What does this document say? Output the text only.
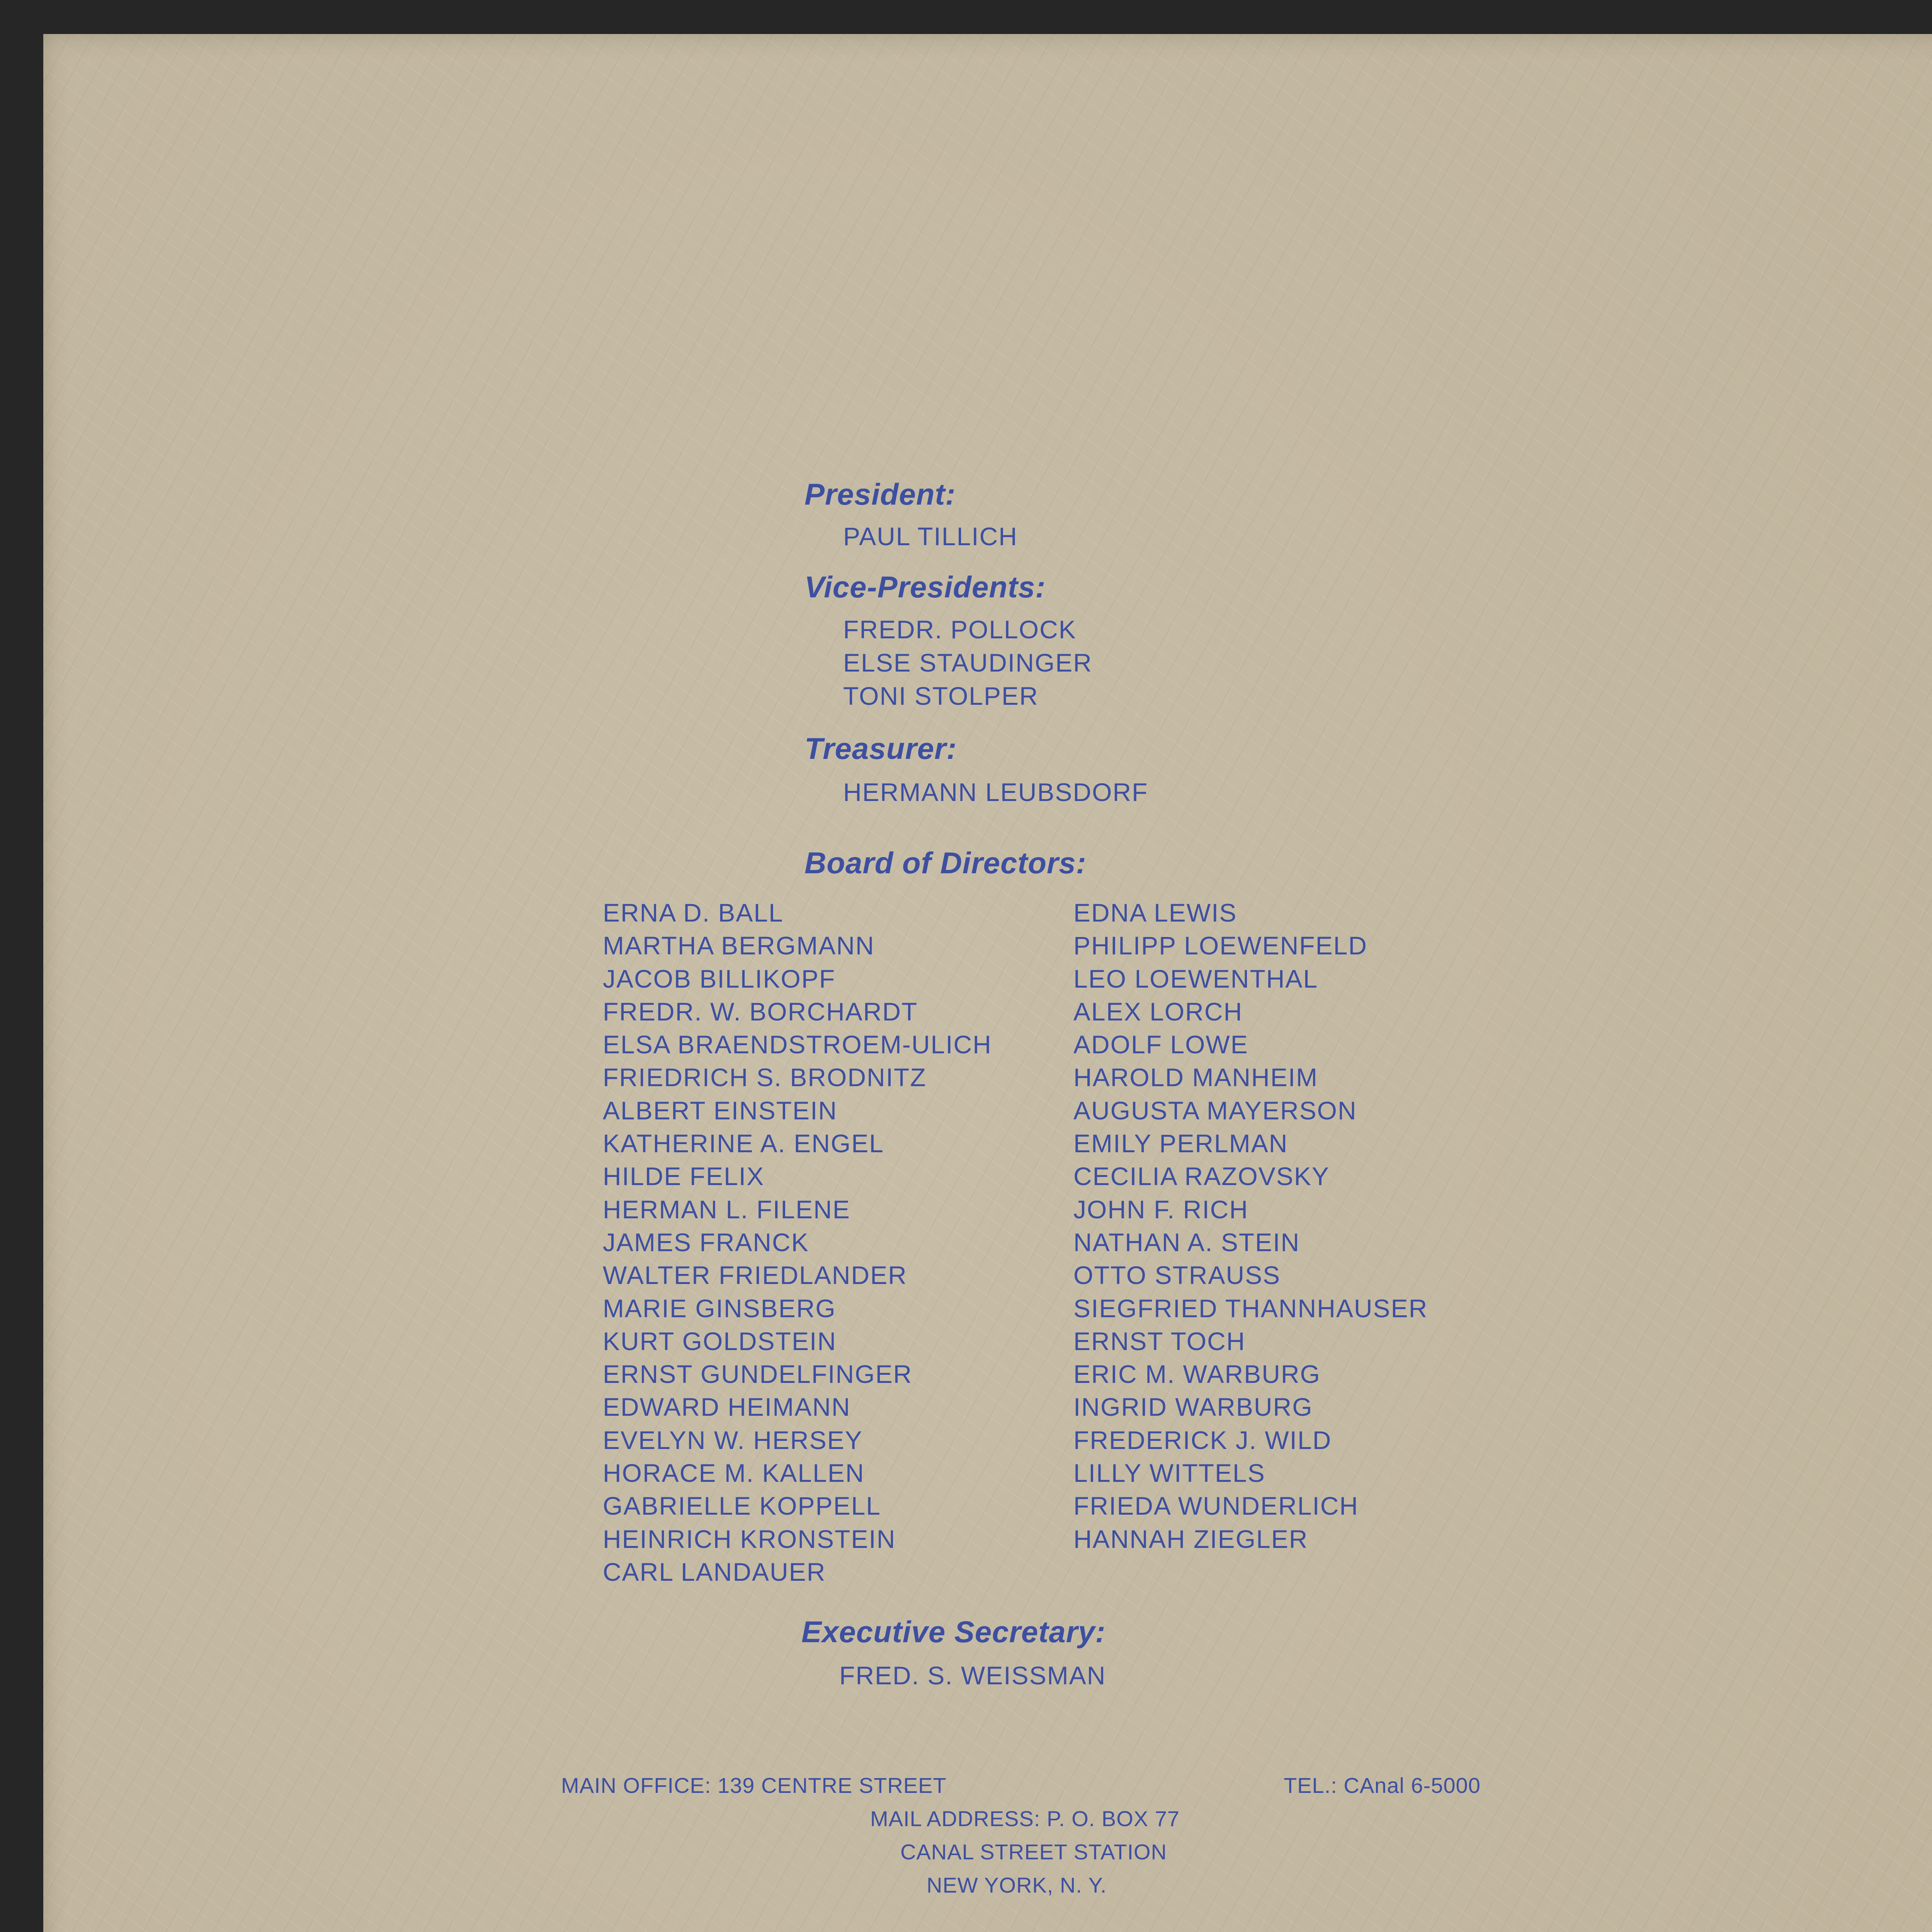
President:
PAUL TILLICH
Vice-Presidents:
FREDR. POLLOCK
ELSE STAUDINGER
TONI STOLPER
Treasurer:
HERMANN LEUBSDORF
Board of Directors:
ERNA D. BALL
MARTHA BERGMANN
JACOB BILLIKOPF
FREDR. W. BORCHARDT
ELSA BRAENDSTROEM-ULICH
FRIEDRICH S. BRODNITZ
ALBERT EINSTEIN
KATHERINE A. ENGEL
HILDE FELIX
HERMAN L. FILENE
JAMES FRANCK
WALTER FRIEDLANDER
MARIE GINSBERG
KURT GOLDSTEIN
ERNST GUNDELFINGER
EDWARD HEIMANN
EVELYN W. HERSEY
HORACE M. KALLEN
GABRIELLE KOPPELL
HEINRICH KRONSTEIN
CARL LANDAUER
EDNA LEWIS
PHILIPP LOEWENFELD
LEO LOEWENTHAL
ALEX LORCH
ADOLF LOWE
HAROLD MANHEIM
AUGUSTA MAYERSON
EMILY PERLMAN
CECILIA RAZOVSKY
JOHN F. RICH
NATHAN A. STEIN
OTTO STRAUSS
SIEGFRIED THANNHAUSER
ERNST TOCH
ERIC M. WARBURG
INGRID WARBURG
FREDERICK J. WILD
LILLY WITTELS
FRIEDA WUNDERLICH
HANNAH ZIEGLER
Executive Secretary:
FRED. S. WEISSMAN
MAIN OFFICE: 139 CENTRE STREET	TEL.: CAnal 6-5000
MAIL ADDRESS: P. O. BOX 77
CANAL STREET STATION
NEW YORK, N. Y.
